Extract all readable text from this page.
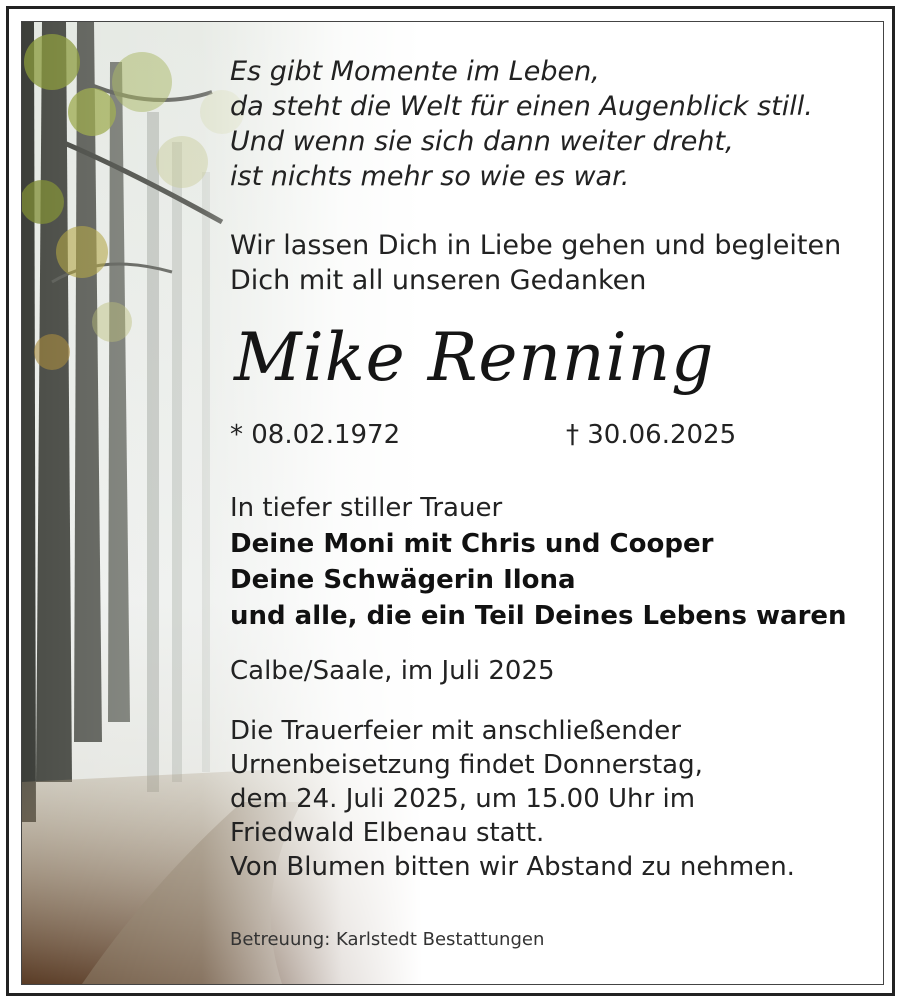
Es gibt Momente im Leben,
da steht die Welt für einen Augenblick still.
Und wenn sie sich dann weiter dreht,
ist nichts mehr so wie es war.
Wir lassen Dich in Liebe gehen und begleiten
Dich mit all unseren Gedanken
Mike Renning
* 08.02.1972	† 30.06.2025
In tiefer stiller Trauer
Deine Moni mit Chris und Cooper
Deine Schwägerin Ilona
und alle, die ein Teil Deines Lebens waren
Calbe/Saale, im Juli 2025
Die Trauerfeier mit anschließender
Urnenbeisetzung findet Donnerstag,
dem 24. Juli 2025, um 15.00 Uhr im
Friedwald Elbenau statt.
Von Blumen bitten wir Abstand zu nehmen.
Betreuung: Karlstedt Bestattungen
